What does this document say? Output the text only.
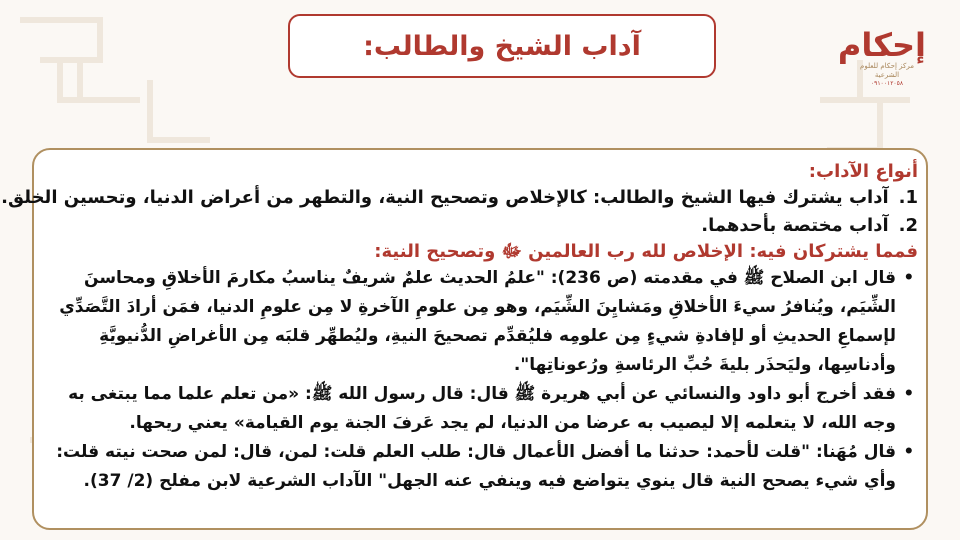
آداب الشيخ والطالب:	إحكام
مركز إحكام للعلوم الشرعية
٠٩١٠٠١٢٠٥٨
أنواع الآداب:
1.آداب يشترك فيها الشيخ والطالب: كالإخلاص وتصحيح النية، والتطهر من أعراض الدنيا، وتحسين الخلق.
2.آداب مختصة بأحدهما.
فمما يشتركان فيه: الإخلاص لله رب العالمين ﷻ وتصحيح النية:
•
قال ابن الصلاح ﷺ في مقدمته (ص 236): "علمُ الحديث علمٌ شريفٌ يناسبُ مكارمَ الأخلاقِ ومحاسنَ الشِّيَم، ويُنافرُ سيءَ الأخلاقِ ومَشايِنَ الشِّيَم، وهو مِن علومِ الآخرةِ لا مِن علومِ الدنيا، فمَن أرادَ التَّصَدِّي لإسماعِ الحديثِ أو لإفادةِ شيءٍ مِن علومِه فليُقدِّم تصحيحَ النيةِ، وليُطهِّر قلبَه مِن الأغراضِ الدُّنيويَّةِ وأدناسِها، وليَحذَر بليةَ حُبِّ الرئاسةِ ورُعوناتِها".
•
فقد أخرج أبو داود والنسائي عن أبي هريرة ﷺ قال: قال رسول الله ﷺ: «من تعلم علما مما يبتغى به وجه الله، لا يتعلمه إلا ليصيب به عرضا من الدنيا، لم يجد عَرفَ الجنة يوم القيامة» يعني ريحها.
•
قال مُهَنا: "قلت لأحمد: حدثنا ما أفضل الأعمال قال: طلب العلم قلت: لمن، قال: لمن صحت نيته قلت: وأي شيء يصحح النية قال ينوي يتواضع فيه وينفي عنه الجهل" الآداب الشرعية لابن مفلح (2/ 37).
